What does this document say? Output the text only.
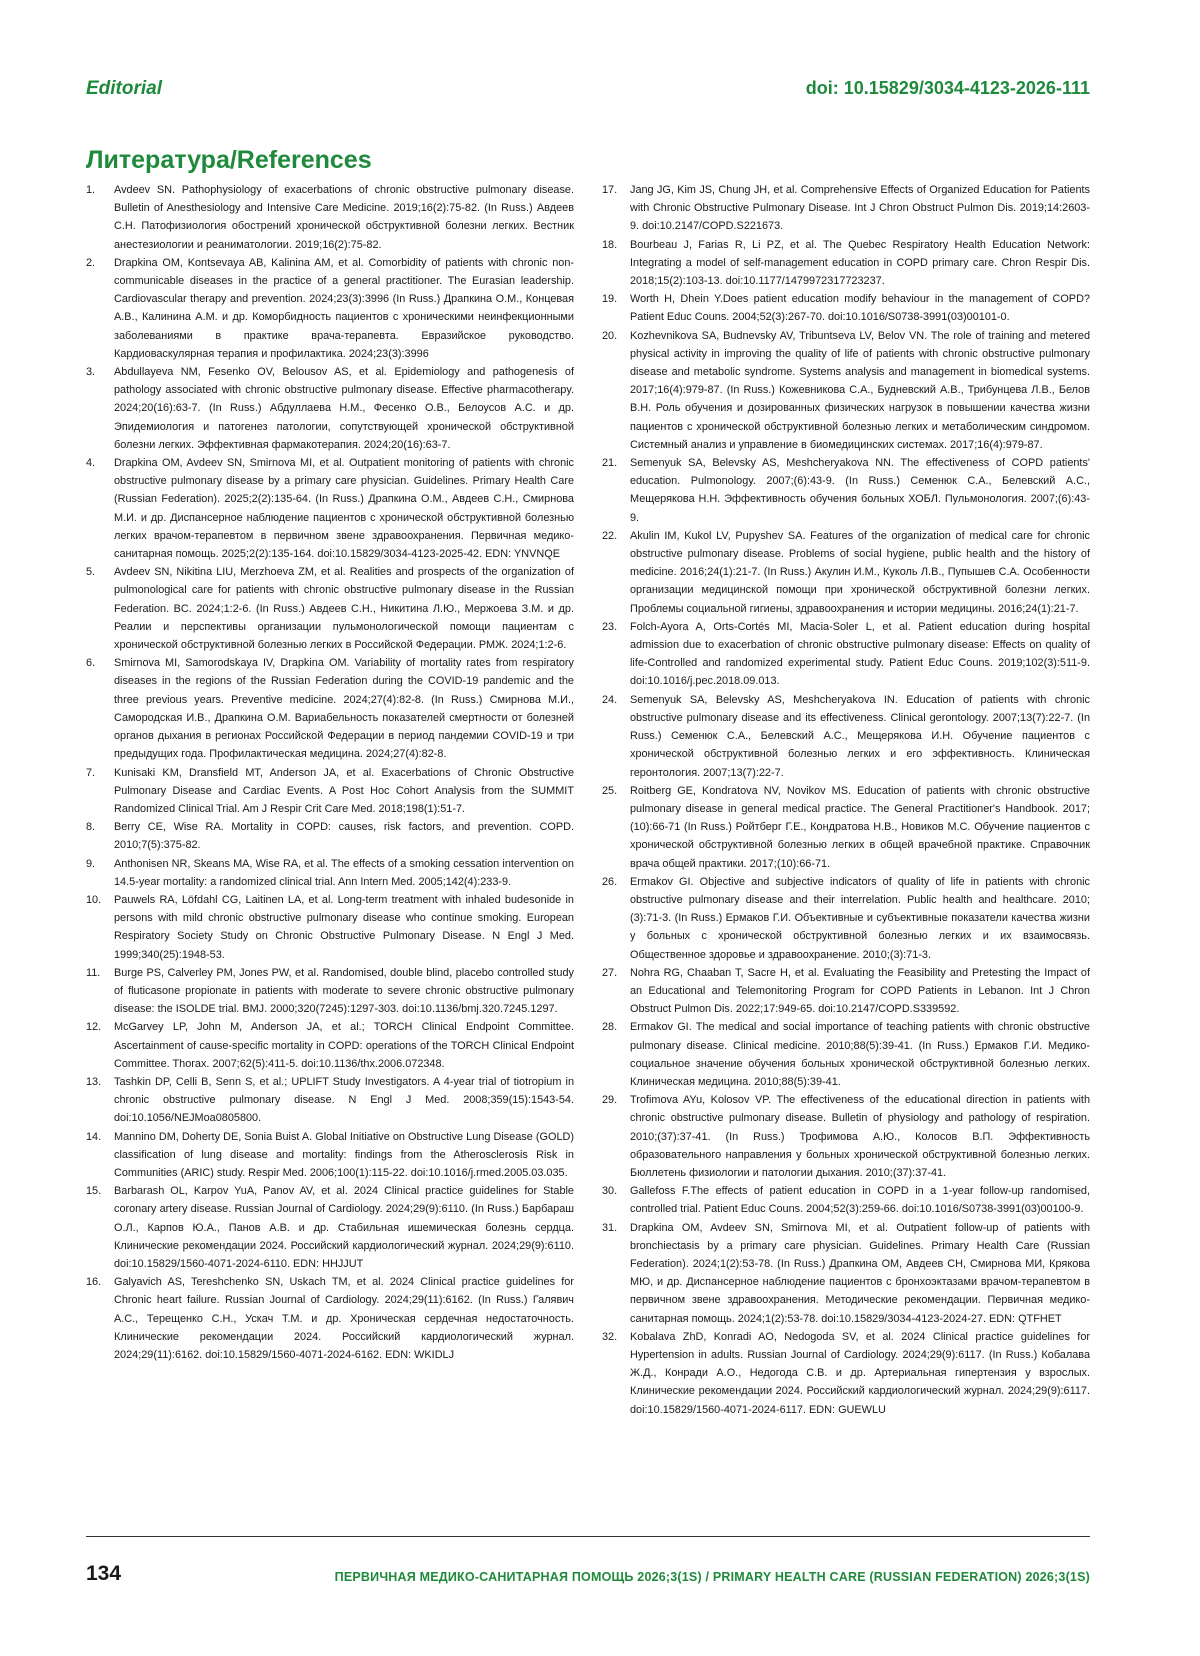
Editorial	doi: 10.15829/3034-4123-2026-111
Литература/References
1.	Avdeev SN. Pathophysiology of exacerbations of chronic obstructive pulmonary disease. Bulletin of Anesthesiology and Intensive Care Medicine. 2019;16(2):75-82. (In Russ.) Авдеев С.Н. Патофизиология обострений хронической обструктивной болезни легких. Вестник анестезиологии и реаниматологии. 2019;16(2):75-82.
2.	Drapkina OM, Kontsevaya AB, Kalinina AM, et al. Comorbidity of patients with chronic non-communicable diseases in the practice of a general practitioner. The Eurasian leadership. Cardiovascular therapy and prevention. 2024;23(3):3996 (In Russ.) Драпкина О.М., Концевая А.В., Калинина А.М. и др. Коморбидность пациентов с хроническими неинфекционными заболеваниями в практике врача-терапевта. Евразийское руководство. Кардиоваскулярная терапия и профилактика. 2024;23(3):3996
3.	Abdullayeva NM, Fesenko OV, Belousov AS, et al. Epidemiology and pathogenesis of pathology associated with chronic obstructive pulmonary disease. Effective pharmacotherapy. 2024;20(16):63-7. (In Russ.) Абдуллаева Н.М., Фесенко О.В., Белоусов А.С. и др. Эпидемиология и патогенез патологии, сопутствующей хронической обструктивной болезни легких. Эффективная фармакотерапия. 2024;20(16):63-7.
4.	Drapkina OM, Avdeev SN, Smirnova MI, et al. Outpatient monitoring of patients with chronic obstructive pulmonary disease by a primary care physician. Guidelines. Primary Health Care (Russian Federation). 2025;2(2):135-64. (In Russ.) Драпкина О.М., Авдеев С.Н., Смирнова М.И. и др. Диспансерное наблюдение пациентов с хронической обструктивной болезнью легких врачом-терапевтом в первичном звене здравоохранения. Первичная медико-санитарная помощь. 2025;2(2):135-164. doi:10.15829/3034-4123-2025-42. EDN: YNVNQE
5.	Avdeev SN, Nikitina LIU, Merzhoeva ZM, et al. Realities and prospects of the organization of pulmonological care for patients with chronic obstructive pulmonary disease in the Russian Federation. BC. 2024;1:2-6. (In Russ.) Авдеев С.Н., Никитина Л.Ю., Мержоева З.М. и др. Реалии и перспективы организации пульмонологической помощи пациентам с хронической обструктивной болезнью легких в Российской Федерации. РМЖ. 2024;1:2-6.
6.	Smirnova MI, Samorodskaya IV, Drapkina OM. Variability of mortality rates from respiratory diseases in the regions of the Russian Federation during the COVID-19 pandemic and the three previous years. Preventive medicine. 2024;27(4):82-8. (In Russ.) Смирнова М.И., Самородская И.В., Драпкина О.М. Вариабельность показателей смертности от болезней органов дыхания в регионах Российской Федерации в период пандемии COVID-19 и три предыдущих года. Профилактическая медицина. 2024;27(4):82-8.
7.	Kunisaki KM, Dransfield MT, Anderson JA, et al. Exacerbations of Chronic Obstructive Pulmonary Disease and Cardiac Events. A Post Hoc Cohort Analysis from the SUMMIT Randomized Clinical Trial. Am J Respir Crit Care Med. 2018;198(1):51-7.
8.	Berry CE, Wise RA. Mortality in COPD: causes, risk factors, and prevention. COPD. 2010;7(5):375-82.
9.	Anthonisen NR, Skeans MA, Wise RA, et al. The effects of a smoking cessation intervention on 14.5-year mortality: a randomized clinical trial. Ann Intern Med. 2005;142(4):233-9.
10.	Pauwels RA, Löfdahl CG, Laitinen LA, et al. Long-term treatment with inhaled budesonide in persons with mild chronic obstructive pulmonary disease who continue smoking. European Respiratory Society Study on Chronic Obstructive Pulmonary Disease. N Engl J Med. 1999;340(25):1948-53.
11.	Burge PS, Calverley PM, Jones PW, et al. Randomised, double blind, placebo controlled study of fluticasone propionate in patients with moderate to severe chronic obstructive pulmonary disease: the ISOLDE trial. BMJ. 2000;320(7245):1297-303. doi:10.1136/bmj.320.7245.1297.
12.	McGarvey LP, John M, Anderson JA, et al.; TORCH Clinical Endpoint Committee. Ascertainment of cause-specific mortality in COPD: operations of the TORCH Clinical Endpoint Committee. Thorax. 2007;62(5):411-5. doi:10.1136/thx.2006.072348.
13.	Tashkin DP, Celli B, Senn S, et al.; UPLIFT Study Investigators. A 4-year trial of tiotropium in chronic obstructive pulmonary disease. N Engl J Med. 2008;359(15):1543-54. doi:10.1056/NEJMoa0805800.
14.	Mannino DM, Doherty DE, Sonia Buist A. Global Initiative on Obstructive Lung Disease (GOLD) classification of lung disease and mortality: findings from the Atherosclerosis Risk in Communities (ARIC) study. Respir Med. 2006;100(1):115-22. doi:10.1016/j.rmed.2005.03.035.
15.	Barbarash OL, Karpov YuA, Panov AV, et al. 2024 Clinical practice guidelines for Stable coronary artery disease. Russian Journal of Cardiology. 2024;29(9):6110. (In Russ.) Барбараш О.Л., Карпов Ю.А., Панов А.В. и др. Стабильная ишемическая болезнь сердца. Клинические рекомендации 2024. Российский кардиологический журнал. 2024;29(9):6110. doi:10.15829/1560-4071-2024-6110. EDN: HHJJUT
16.	Galyavich AS, Tereshchenko SN, Uskach TM, et al. 2024 Clinical practice guidelines for Chronic heart failure. Russian Journal of Cardiology. 2024;29(11):6162. (In Russ.) Галявич А.С., Терещенко С.Н., Ускач Т.М. и др. Хроническая сердечная недостаточность. Клинические рекомендации 2024. Российский кардиологический журнал. 2024;29(11):6162. doi:10.15829/1560-4071-2024-6162. EDN: WKIDLJ
17.	Jang JG, Kim JS, Chung JH, et al. Comprehensive Effects of Organized Education for Patients with Chronic Obstructive Pulmonary Disease. Int J Chron Obstruct Pulmon Dis. 2019;14:2603-9. doi:10.2147/COPD.S221673.
18.	Bourbeau J, Farias R, Li PZ, et al. The Quebec Respiratory Health Education Network: Integrating a model of self-management education in COPD primary care. Chron Respir Dis. 2018;15(2):103-13. doi:10.1177/1479972317723237.
19.	Worth H, Dhein Y.Does patient education modify behaviour in the management of COPD? Patient Educ Couns. 2004;52(3):267-70. doi:10.1016/S0738-3991(03)00101-0.
20.	Kozhevnikova SA, Budnevsky AV, Tribuntseva LV, Belov VN. The role of training and metered physical activity in improving the quality of life of patients with chronic obstructive pulmonary disease and metabolic syndrome. Systems analysis and management in biomedical systems. 2017;16(4):979-87. (In Russ.) Кожевникова С.А., Будневский А.В., Трибунцева Л.В., Белов В.Н. Роль обучения и дозированных физических нагрузок в повышении качества жизни пациентов с хронической обструктивной болезнью легких и метаболическим синдромом. Системный анализ и управление в биомедицинских системах. 2017;16(4):979-87.
21.	Semenyuk SA, Belevsky AS, Meshcheryakova NN. The effectiveness of COPD patients' education. Pulmonology. 2007;(6):43-9. (In Russ.) Семенюк С.А., Белевский А.С., Мещерякова Н.Н. Эффективность обучения больных ХОБЛ. Пульмонология. 2007;(6):43-9.
22.	Akulin IM, Kukol LV, Pupyshev SA. Features of the organization of medical care for chronic obstructive pulmonary disease. Problems of social hygiene, public health and the history of medicine. 2016;24(1):21-7. (In Russ.) Акулин И.М., Куколь Л.В., Пупышев С.А. Особенности организации медицинской помощи при хронической обструктивной болезни легких. Проблемы социальной гигиены, здравоохранения и истории медицины. 2016;24(1):21-7.
23.	Folch-Ayora A, Orts-Cortés MI, Macia-Soler L, et al. Patient education during hospital admission due to exacerbation of chronic obstructive pulmonary disease: Effects on quality of life-Controlled and randomized experimental study. Patient Educ Couns. 2019;102(3):511-9. doi:10.1016/j.pec.2018.09.013.
24.	Semenyuk SA, Belevsky AS, Meshcheryakova IN. Education of patients with chronic obstructive pulmonary disease and its effectiveness. Clinical gerontology. 2007;13(7):22-7. (In Russ.) Семенюк С.А., Белевский А.С., Мещерякова И.Н. Обучение пациентов с хронической обструктивной болезнью легких и его эффективность. Клиническая геронтология. 2007;13(7):22-7.
25.	Roitberg GE, Kondratova NV, Novikov MS. Education of patients with chronic obstructive pulmonary disease in general medical practice. The General Practitioner's Handbook. 2017;(10):66-71 (In Russ.) Ройтберг Г.Е., Кондратова Н.В., Новиков М.С. Обучение пациентов с хронической обструктивной болезнью легких в общей врачебной практике. Справочник врача общей практики. 2017;(10):66-71.
26.	Ermakov GI. Objective and subjective indicators of quality of life in patients with chronic obstructive pulmonary disease and their interrelation. Public health and healthcare. 2010;(3):71-3. (In Russ.) Ермаков Г.И. Объективные и субъективные показатели качества жизни у больных с хронической обструктивной болезнью легких и их взаимосвязь. Общественное здоровье и здравоохранение. 2010;(3):71-3.
27.	Nohra RG, Chaaban T, Sacre H, et al. Evaluating the Feasibility and Pretesting the Impact of an Educational and Telemonitoring Program for COPD Patients in Lebanon. Int J Chron Obstruct Pulmon Dis. 2022;17:949-65. doi:10.2147/COPD.S339592.
28.	Ermakov GI. The medical and social importance of teaching patients with chronic obstructive pulmonary disease. Clinical medicine. 2010;88(5):39-41. (In Russ.) Ермаков Г.И. Медико-социальное значение обучения больных хронической обструктивной болезнью легких. Клиническая медицина. 2010;88(5):39-41.
29.	Trofimova AYu, Kolosov VP. The effectiveness of the educational direction in patients with chronic obstructive pulmonary disease. Bulletin of physiology and pathology of respiration. 2010;(37):37-41. (In Russ.) Трофимова А.Ю., Колосов В.П. Эффективность образовательного направления у больных хронической обструктивной болезнью легких. Бюллетень физиологии и патологии дыхания. 2010;(37):37-41.
30.	Gallefoss F.The effects of patient education in COPD in a 1-year follow-up randomised, controlled trial. Patient Educ Couns. 2004;52(3):259-66. doi:10.1016/S0738-3991(03)00100-9.
31.	Drapkina OM, Avdeev SN, Smirnova MI, et al. Outpatient follow-up of patients with bronchiectasis by a primary care physician. Guidelines. Primary Health Care (Russian Federation). 2024;1(2):53-78. (In Russ.) Драпкина ОМ, Авдеев СН, Смирнова МИ, Крякова МЮ, и др. Диспансерное наблюдение пациентов с бронхоэктазами врачом-терапевтом в первичном звене здравоохранения. Методические рекомендации. Первичная медико-санитарная помощь. 2024;1(2):53-78. doi:10.15829/3034-4123-2024-27. EDN: QTFHET
32.	Kobalava ZhD, Konradi AO, Nedogoda SV, et al. 2024 Clinical practice guidelines for Hypertension in adults. Russian Journal of Cardiology. 2024;29(9):6117. (In Russ.) Кобалава Ж.Д., Конради А.О., Недогода С.В. и др. Артериальная гипертензия у взрослых. Клинические рекомендации 2024. Российский кардиологический журнал. 2024;29(9):6117. doi:10.15829/1560-4071-2024-6117. EDN: GUEWLU
134	ПЕРВИЧНАЯ МЕДИКО-САНИТАРНАЯ ПОМОЩЬ 2026;3(1S) / PRIMARY HEALTH CARE (RUSSIAN FEDERATION) 2026;3(1S)
